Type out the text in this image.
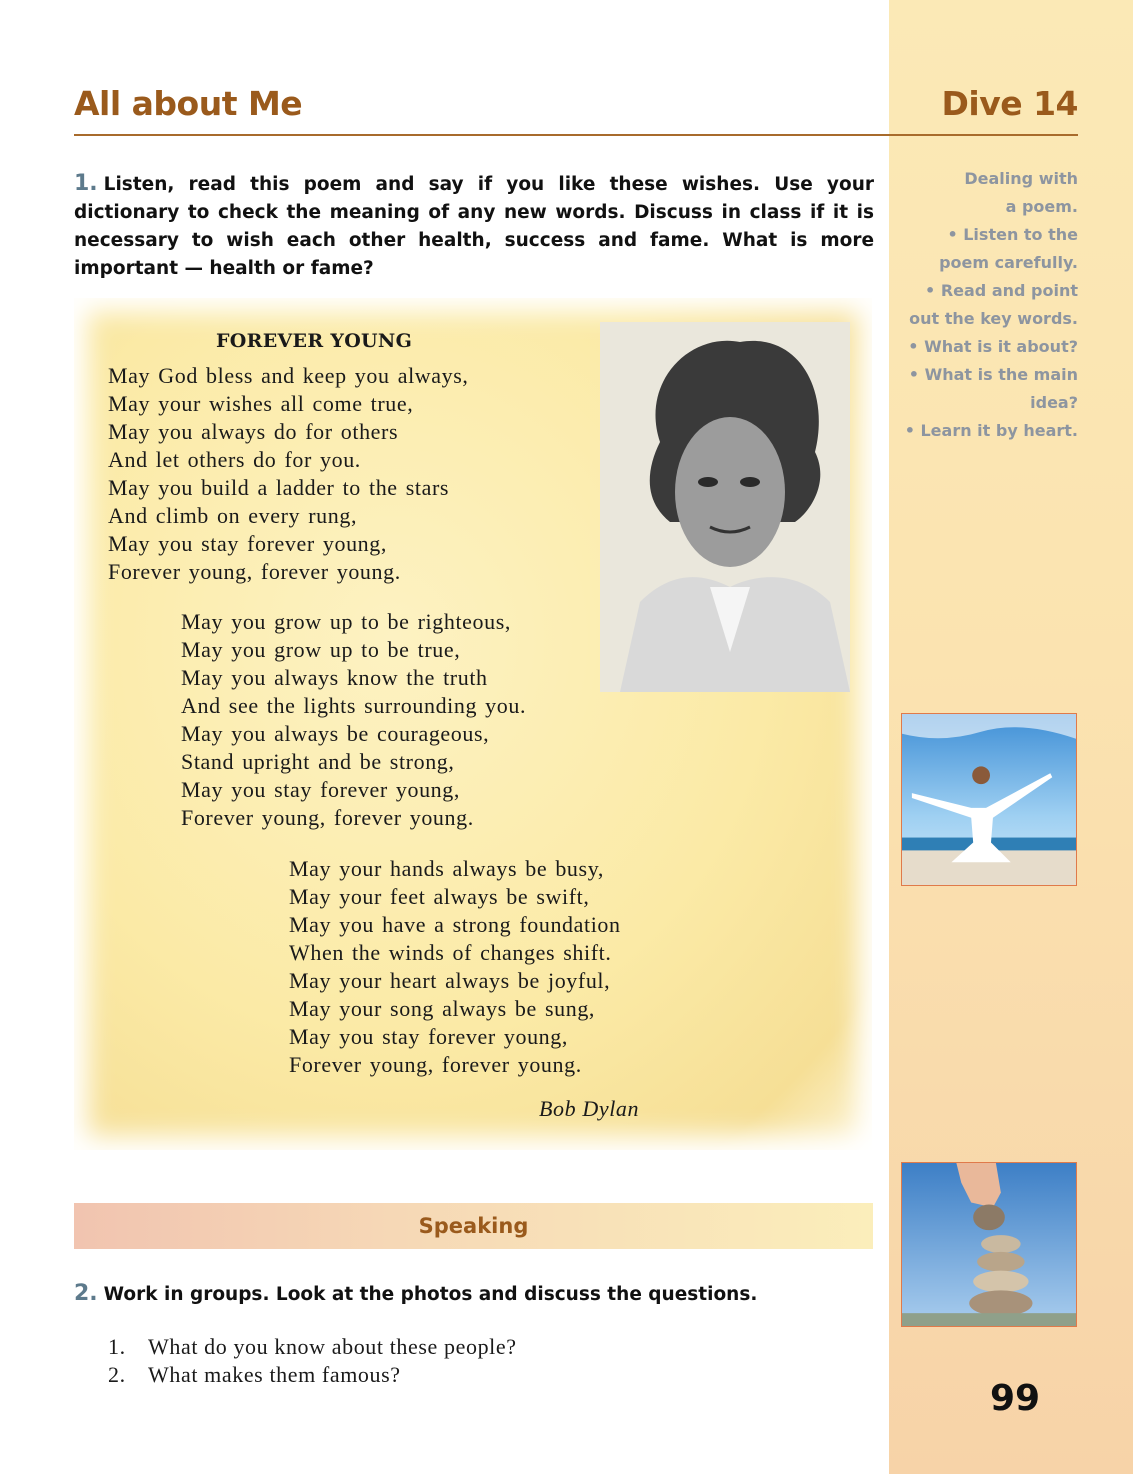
All about Me	Dive 14
1. Listen, read this poem and say if you like these wishes. Use your dictionary to check the meaning of any new words. Discuss in class if it is necessary to wish each other health, success and fame. What is more important — health or fame?
Dealing with
a poem.
• Listen to the
poem carefully.
• Read and point
out the key words.
• What is it about?
• What is the main
idea?
• Learn it by heart.
FOREVER YOUNG
May God bless and keep you always,
May your wishes all come true,
May you always do for others
And let others do for you.
May you build a ladder to the stars
And climb on every rung,
May you stay forever young,
Forever young, forever young.
May you grow up to be righteous,
May you grow up to be true,
May you always know the truth
And see the lights surrounding you.
May you always be courageous,
Stand upright and be strong,
May you stay forever young,
Forever young, forever young.
May your hands always be busy,
May your feet always be swift,
May you have a strong foundation
When the winds of changes shift.
May your heart always be joyful,
May your song always be sung,
May you stay forever young,
Forever young, forever young.
Bob Dylan
Speaking
2. Work in groups. Look at the photos and discuss the questions.
1. What do you know about these people?
2. What makes them famous?
99
